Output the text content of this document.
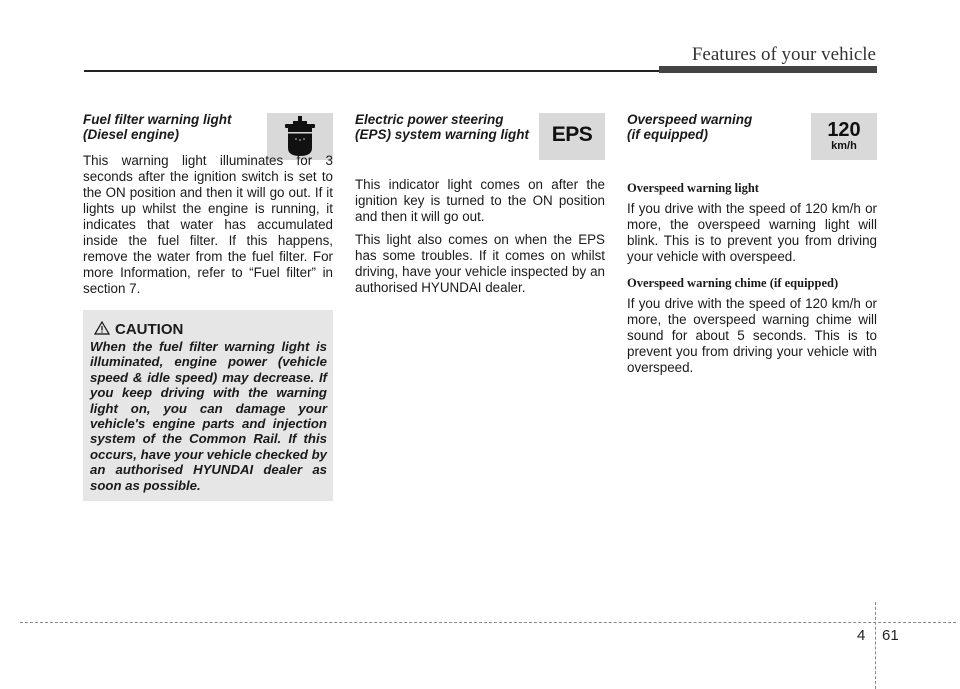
Features of your vehicle
Fuel filter warning light
(Diesel engine)

This warning light illuminates for 3 seconds after the ignition switch is set to the ON position and then it will go out. If it lights up whilst the engine is running, it indicates that water has accumulated inside the fuel filter. If this happens, remove the water from the fuel filter. For more Information, refer to “Fuel filter” in section 7.

CAUTION
When the fuel filter warning light is illuminated, engine power (vehicle speed & idle speed) may decrease. If you keep driving with the warning light on, you can damage your vehicle's engine parts and injection system of the Common Rail. If this occurs, have your vehicle checked by an authorised HYUNDAI dealer as soon as possible.
Electric power steering
(EPS) system warning light	EPS

This indicator light comes on after the ignition key is turned to the ON position and then it will go out.

This light also comes on when the EPS has some troubles. If it comes on whilst driving, have your vehicle inspected by an authorised HYUNDAI dealer.

Overspeed warning
(if equipped)	120
km/h
Overspeed warning light

If you drive with the speed of 120 km/h or more, the overspeed warning light will blink. This is to prevent you from driving your vehicle with overspeed.

Overspeed warning chime (if equipped)

If you drive with the speed of 120 km/h or more, the overspeed warning chime will sound for about 5 seconds. This is to prevent you from driving your vehicle with overspeed.

4 61
